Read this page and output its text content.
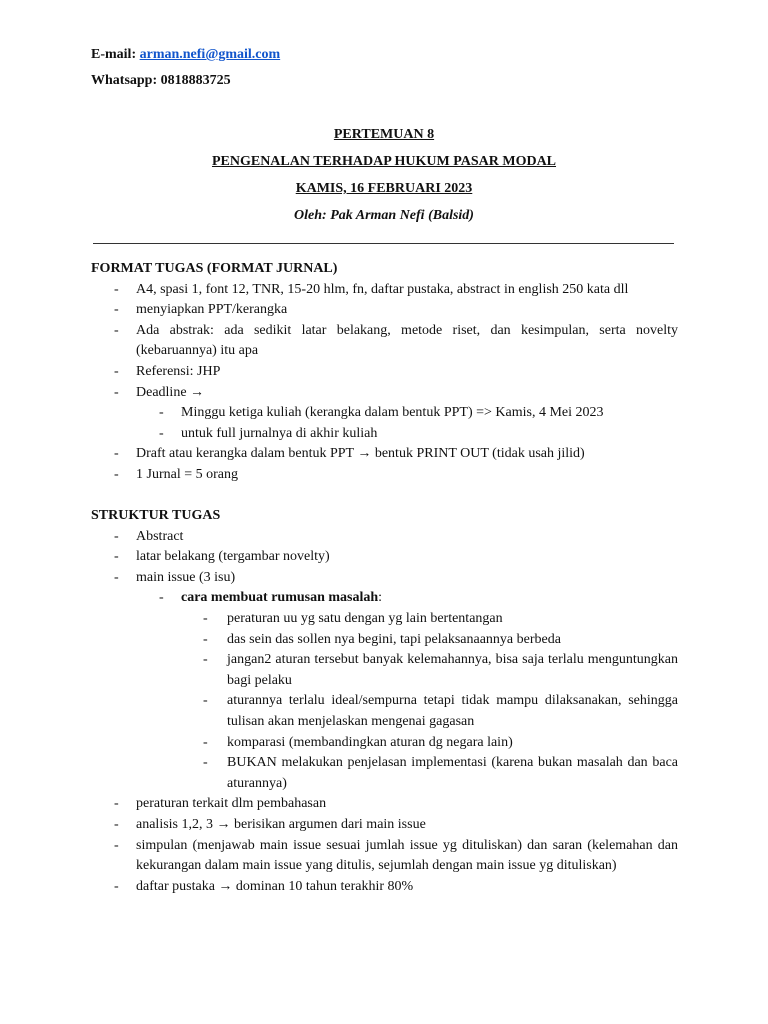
E-mail: arman.nefi@gmail.com
Whatsapp: 0818883725
PERTEMUAN 8
PENGENALAN TERHADAP HUKUM PASAR MODAL
KAMIS, 16 FEBRUARI 2023
Oleh: Pak Arman Nefi (Balsid)
FORMAT TUGAS (FORMAT JURNAL)
- A4, spasi 1, font 12, TNR, 15-20 hlm, fn, daftar pustaka, abstract in english 250 kata dll
- menyiapkan PPT/kerangka
- Ada abstrak: ada sedikit latar belakang, metode riset, dan kesimpulan, serta novelty (kebaruannya) itu apa
- Referensi: JHP
- Deadline →
- Minggu ketiga kuliah (kerangka dalam bentuk PPT) => Kamis, 4 Mei 2023
- untuk full jurnalnya di akhir kuliah
- Draft atau kerangka dalam bentuk PPT → bentuk PRINT OUT (tidak usah jilid)
- 1 Jurnal = 5 orang
STRUKTUR TUGAS
- Abstract
- latar belakang (tergambar novelty)
- main issue (3 isu)
- cara membuat rumusan masalah:
- peraturan uu yg satu dengan yg lain bertentangan
- das sein das sollen nya begini, tapi pelaksanaannya berbeda
- jangan2 aturan tersebut banyak kelemahannya, bisa saja terlalu menguntungkan bagi pelaku
- aturannya terlalu ideal/sempurna tetapi tidak mampu dilaksanakan, sehingga tulisan akan menjelaskan mengenai gagasan
- komparasi (membandingkan aturan dg negara lain)
- BUKAN melakukan penjelasan implementasi (karena bukan masalah dan baca aturannya)
- peraturan terkait dlm pembahasan
- analisis 1,2, 3 → berisikan argumen dari main issue
- simpulan (menjawab main issue sesuai jumlah issue yg dituliskan) dan saran (kelemahan dan kekurangan dalam main issue yang ditulis, sejumlah dengan main issue yg dituliskan)
- daftar pustaka → dominan 10 tahun terakhir 80%
